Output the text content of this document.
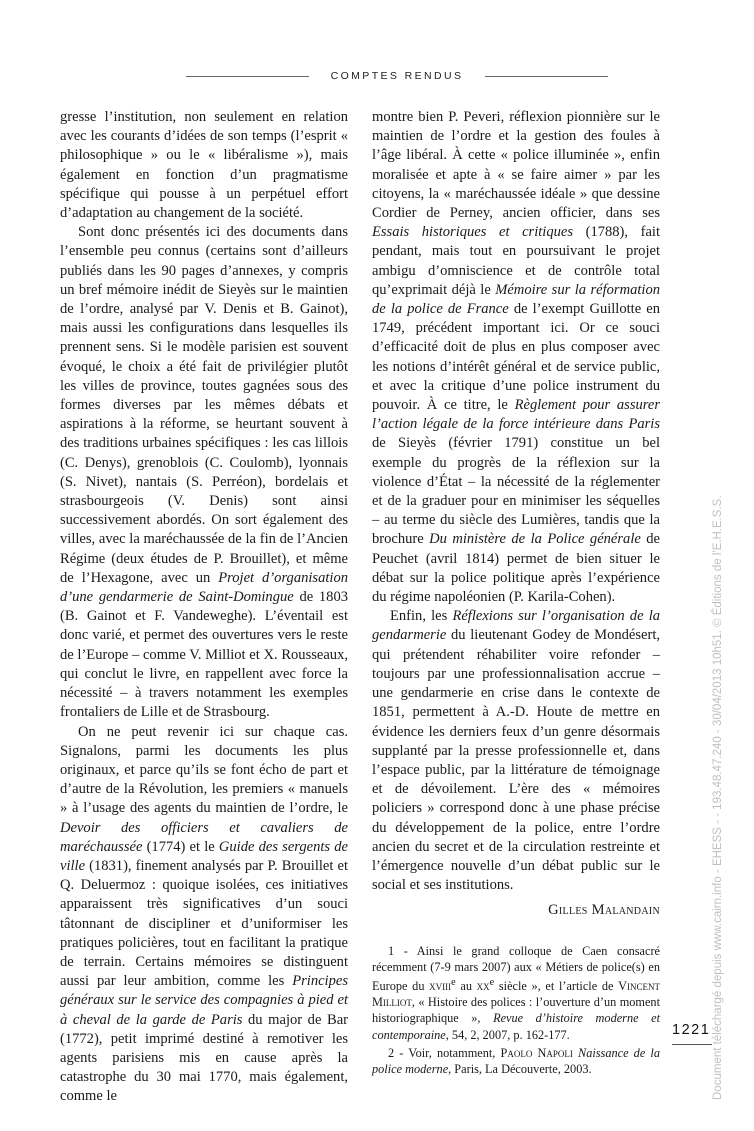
COMPTES RENDUS

gresse l’institution, non seulement en relation avec les courants d’idées de son temps (l’esprit « philosophique » ou le « libéralisme »), mais également en fonction d’un pragmatisme spécifique qui pousse à un perpétuel effort d’adaptation au changement de la société.

Sont donc présentés ici des documents dans l’ensemble peu connus (certains sont d’ailleurs publiés dans les 90 pages d’annexes, y compris un bref mémoire inédit de Sieyès sur le maintien de l’ordre, analysé par V. Denis et B. Gainot), mais aussi les configurations dans lesquelles ils prennent sens. Si le modèle parisien est souvent évoqué, le choix a été fait de privilégier plutôt les villes de province, toutes gagnées sous des formes diverses par les mêmes débats et aspirations à la réforme, se heurtant souvent à des traditions urbaines spécifiques : les cas lillois (C. Denys), grenoblois (C. Coulomb), lyonnais (S. Nivet), nantais (S. Perréon), bordelais et strasbourgeois (V. Denis) sont ainsi successivement abordés. On sort également des villes, avec la maréchaussée de la fin de l’Ancien Régime (deux études de P. Brouillet), et même de l’Hexagone, avec un Projet d’organisation d’une gendarmerie de Saint-Domingue de 1803 (B. Gainot et F. Vandeweghe). L’éventail est donc varié, et permet des ouvertures vers le reste de l’Europe – comme V. Milliot et X. Rousseaux, qui conclut le livre, en rappellent avec force la nécessité – à travers notamment les exemples frontaliers de Lille et de Strasbourg.

On ne peut revenir ici sur chaque cas. Signalons, parmi les documents les plus originaux, et parce qu’ils se font écho de part et d’autre de la Révolution, les premiers « manuels » à l’usage des agents du maintien de l’ordre, le Devoir des officiers et cavaliers de maréchaussée (1774) et le Guide des sergents de ville (1831), finement analysés par P. Brouillet et Q. Deluermoz : quoique isolées, ces initiatives apparaissent très significatives d’un souci tâtonnant de discipliner et d’uniformiser les pratiques policières, tout en facilitant la pratique de terrain. Certains mémoires se distinguent aussi par leur ambition, comme les Principes généraux sur le service des compagnies à pied et à cheval de la garde de Paris du major de Bar (1772), petit imprimé destiné à remotiver les agents parisiens mis en cause après la catastrophe du 30 mai 1770, mais également, comme le

montre bien P. Peveri, réflexion pionnière sur le maintien de l’ordre et la gestion des foules à l’âge libéral. À cette « police illuminée », enfin moralisée et apte à « se faire aimer » par les citoyens, la « maréchaussée idéale » que dessine Cordier de Perney, ancien officier, dans ses Essais historiques et critiques (1788), fait pendant, mais tout en poursuivant le projet ambigu d’omniscience et de contrôle total qu’exprimait déjà le Mémoire sur la réformation de la police de France de l’exempt Guillotte en 1749, précédent important ici. Or ce souci d’efficacité doit de plus en plus composer avec les notions d’intérêt général et de service public, et avec la critique d’une police instrument du pouvoir. À ce titre, le Règlement pour assurer l’action légale de la force intérieure dans Paris de Sieyès (février 1791) constitue un bel exemple du progrès de la réflexion sur la violence d’État – la nécessité de la réglementer et de la graduer pour en minimiser les séquelles – au terme du siècle des Lumières, tandis que la brochure Du ministère de la Police générale de Peuchet (avril 1814) permet de bien situer le débat sur la police politique après l’expérience du régime napoléonien (P. Karila-Cohen).

Enfin, les Réflexions sur l’organisation de la gendarmerie du lieutenant Godey de Mondésert, qui prétendent réhabiliter voire refonder – toujours par une professionnalisation accrue – une gendarmerie en crise dans le contexte de 1851, permettent à A.-D. Houte de mettre en évidence les derniers feux d’un genre désormais supplanté par la presse professionnelle et, dans l’espace public, par la littérature de témoignage et de dévoilement. L’ère des « mémoires policiers » correspond donc à une phase précise du développement de la police, entre l’ordre ancien du secret et de la circulation restreinte et l’émergence nouvelle d’un débat public sur le social et ses institutions.

Gilles Malandain

1 - Ainsi le grand colloque de Caen consacré récemment (7-9 mars 2007) aux « Métiers de police(s) en Europe du xviii$^e$ au $xx^e$ siècle », et l’article de Vincent Milliot, « Histoire des polices : l’ouverture d’un moment historiographique », Revue d’histoire moderne et contemporaine, 54, 2, 2007, p. 162-177.

2 - Voir, notamment, Paolo Napoli Naissance de la police moderne, Paris, La Découverte, 2003.

1221 Document téléchargé depuis www.cairn.info - EHESS - - 193.48.47.240 - 30/04/2013 10h51. © Éditions de l'E.H.E.S.S.
